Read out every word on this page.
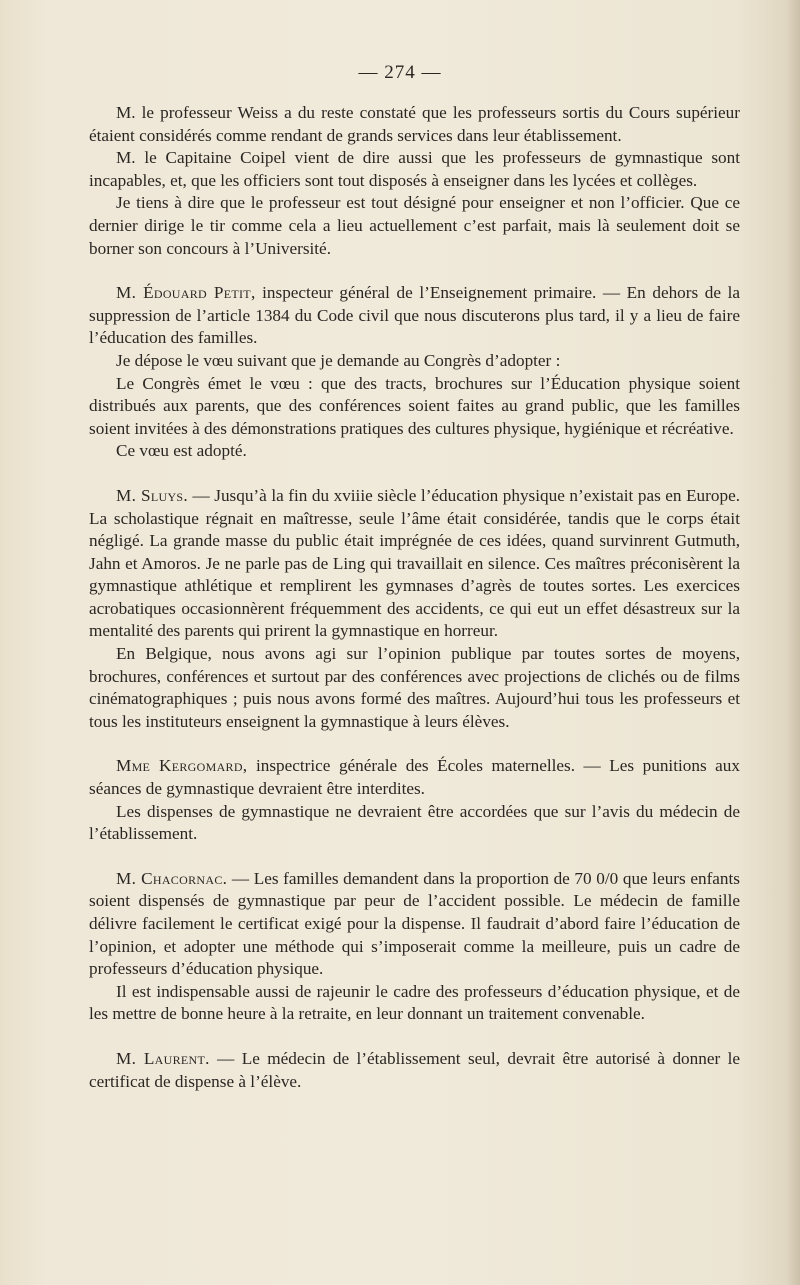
— 274 —

M. le professeur Weiss a du reste constaté que les professeurs sortis du Cours supérieur étaient considérés comme rendant de grands services dans leur établissement.

M. le Capitaine Coipel vient de dire aussi que les professeurs de gymnastique sont incapables, et, que les officiers sont tout disposés à enseigner dans les lycées et collèges.

Je tiens à dire que le professeur est tout désigné pour enseigner et non l’officier. Que ce dernier dirige le tir comme cela a lieu actuellement c’est parfait, mais là seulement doit se borner son concours à l’Université.

M. Édouard Petit, inspecteur général de l’Enseignement primaire. — En dehors de la suppression de l’article 1384 du Code civil que nous discuterons plus tard, il y a lieu de faire l’éducation des familles.

Je dépose le vœu suivant que je demande au Congrès d’adopter :

Le Congrès émet le vœu : que des tracts, brochures sur l’Éducation physique soient distribués aux parents, que des conférences soient faites au grand public, que les familles soient invitées à des démonstrations pratiques des cultures physique, hygiénique et récréative.

Ce vœu est adopté.

M. Sluys. — Jusqu’à la fin du xviiie siècle l’éducation physique n’existait pas en Europe. La scholastique régnait en maîtresse, seule l’âme était considérée, tandis que le corps était négligé. La grande masse du public était imprégnée de ces idées, quand survinrent Gutmuth, Jahn et Amoros. Je ne parle pas de Ling qui travaillait en silence. Ces maîtres préconisèrent la gymnastique athlétique et remplirent les gymnases d’agrès de toutes sortes. Les exercices acrobatiques occasionnèrent fréquemment des accidents, ce qui eut un effet désastreux sur la mentalité des parents qui prirent la gymnastique en horreur.

En Belgique, nous avons agi sur l’opinion publique par toutes sortes de moyens, brochures, conférences et surtout par des conférences avec projections de clichés ou de films cinématographiques ; puis nous avons formé des maîtres. Aujourd’hui tous les professeurs et tous les instituteurs enseignent la gymnastique à leurs élèves.

Mme Kergomard, inspectrice générale des Écoles maternelles. — Les punitions aux séances de gymnastique devraient être interdites.

Les dispenses de gymnastique ne devraient être accordées que sur l’avis du médecin de l’établissement.

M. Chacornac. — Les familles demandent dans la proportion de 70 0/0 que leurs enfants soient dispensés de gymnastique par peur de l’accident possible. Le médecin de famille délivre facilement le certificat exigé pour la dispense. Il faudrait d’abord faire l’éducation de l’opinion, et adopter une méthode qui s’imposerait comme la meilleure, puis un cadre de professeurs d’éducation physique.

Il est indispensable aussi de rajeunir le cadre des professeurs d’éducation physique, et de les mettre de bonne heure à la retraite, en leur donnant un traitement convenable.

M. Laurent. — Le médecin de l’établissement seul, devrait être autorisé à donner le certificat de dispense à l’élève.
